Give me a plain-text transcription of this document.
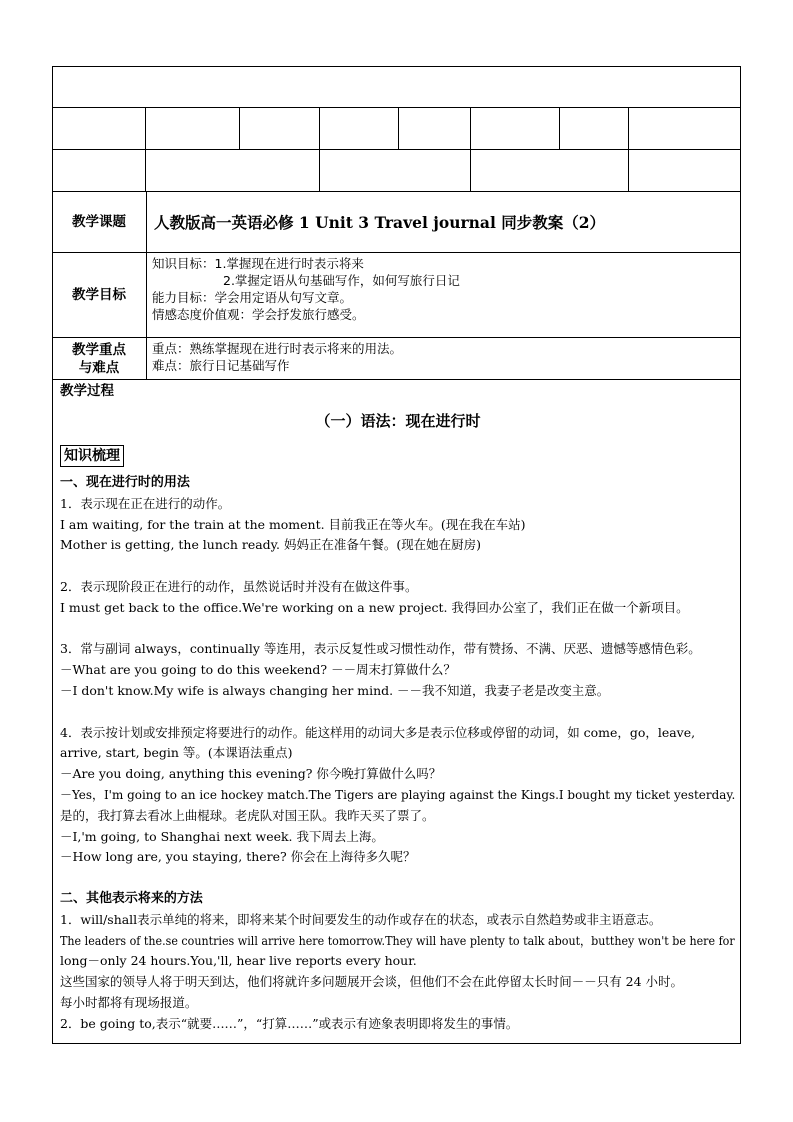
教学课题	人教版高一英语必修 1 Unit 3 Travel journal 同步教案（2）
教学目标
知识目标：1.掌握现在进行时表示将来
2.掌握定语从句基础写作，如何写旅行日记
能力目标：学会用定语从句写文章。
情感态度价值观：学会抒发旅行感受。
教学重点
与难点
重点：熟练掌握现在进行时表示将来的用法。
难点：旅行日记基础写作
教学过程
（一）语法：现在进行时
知识梳理
一、现在进行时的用法
1．表示现在正在进行的动作。
I am waiting, for the train at the moment. 目前我正在等火车。(现在我在车站)
Mother is getting, the lunch ready. 妈妈正在准备午餐。(现在她在厨房)
2．表示现阶段正在进行的动作，虽然说话时并没有在做这件事。
I must get back to the office.We're working on a new project. 我得回办公室了，我们正在做一个新项目。
3．常与副词 always，continually 等连用，表示反复性或习惯性动作，带有赞扬、不满、厌恶、遗憾等感情色彩。
－What are you going to do this weekend? －－周末打算做什么？
－I don't know.My wife is always changing her mind. －－我不知道，我妻子老是改变主意。
4．表示按计划或安排预定将要进行的动作。能这样用的动词大多是表示位移或停留的动词，如 come，go，leave,
arrive, start, begin 等。(本课语法重点)
－Are you doing, anything this evening? 你今晚打算做什么吗？
－Yes，I'm going to an ice hockey match.The Tigers are playing against the Kings.I bought my ticket yesterday.
是的，我打算去看冰上曲棍球。老虎队对国王队。我昨天买了票了。
－I,'m going, to Shanghai next week. 我下周去上海。
－How long are, you staying, there? 你会在上海待多久呢？
二、其他表示将来的方法
1．will/shall表示单纯的将来，即将来某个时间要发生的动作或存在的状态，或表示自然趋势或非主语意志。
The leaders of the.se countries will arrive here tomorrow.They will have plenty to talk about，butthey won't be here for
long－only 24 hours.You,'ll, hear live reports every hour.
这些国家的领导人将于明天到达，他们将就许多问题展开会谈，但他们不会在此停留太长时间－－只有 24 小时。
每小时都将有现场报道。
2．be going to,表示“就要……”，“打算……”或表示有迹象表明即将发生的事情。
